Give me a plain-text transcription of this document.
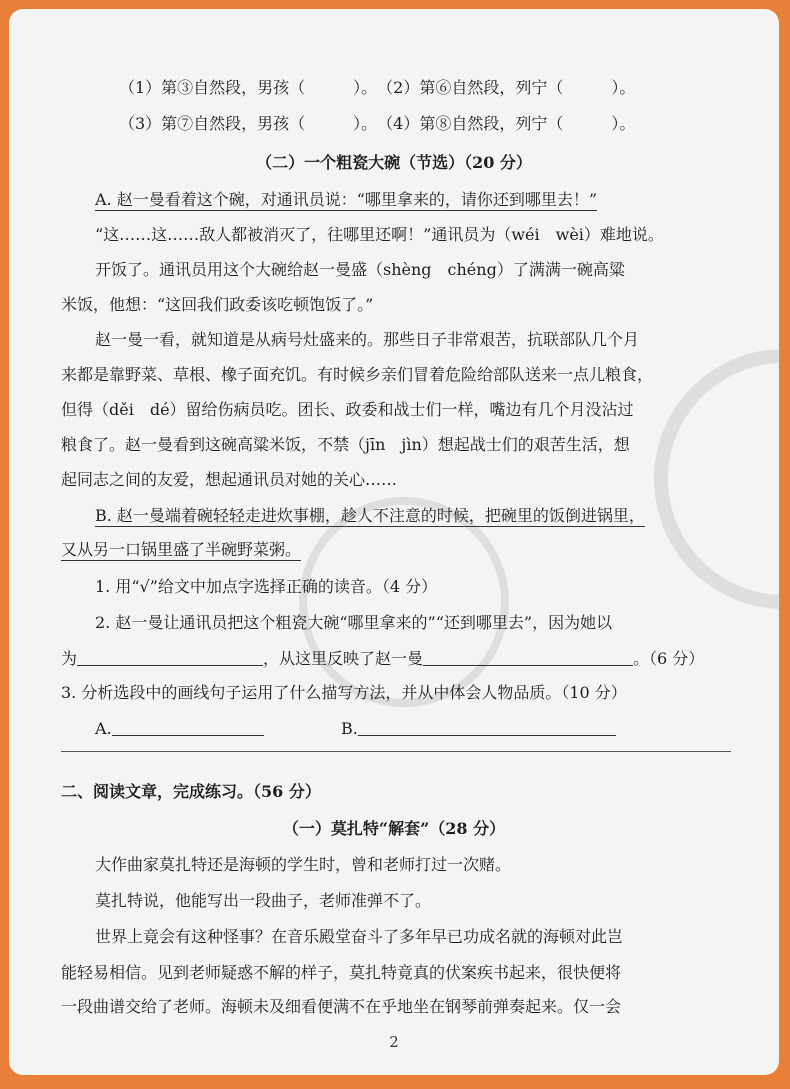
（1）第③自然段，男孩（　　　）。　（2）第⑥自然段，列宁（　　　）。
（3）第⑦自然段，男孩（　　　）。　（4）第⑧自然段，列宁（　　　）。
（二）一个粗瓷大碗（节选）（20 分）
A. 赵一曼看着这个碗，对通讯员说：“哪里拿来的，请你还到哪里去！”
“这……这……敌人都被消灭了，往哪里还啊！”通讯员为（wéi　wèi）难地说。
开饭了。通讯员用这个大碗给赵一曼盛（shèng　chéng）了满满一碗高粱
米饭，他想：“这回我们政委该吃顿饱饭了。”
赵一曼一看，就知道是从病号灶盛来的。那些日子非常艰苦，抗联部队几个月
来都是靠野菜、草根、橡子面充饥。有时候乡亲们冒着危险给部队送来一点儿粮食，
但得（děi　dé）留给伤病员吃。团长、政委和战士们一样，嘴边有几个月没沾过
粮食了。赵一曼看到这碗高粱米饭，不禁（jīn　jìn）想起战士们的艰苦生活，想
起同志之间的友爱，想起通讯员对她的关心……
B. 赵一曼端着碗轻轻走进炊事棚，趁人不注意的时候，把碗里的饭倒进锅里，
又从另一口锅里盛了半碗野菜粥。
1. 用“√”给文中加点字选择正确的读音。（4 分）
2. 赵一曼让通讯员把这个粗瓷大碗“哪里拿来的”“还到哪里去”，因为她以
为	，从这里反映了赵一曼	。（6 分）
3. 分析选段中的画线句子运用了什么描写方法，并从中体会人物品质。（10 分）
A.	B.
二、阅读文章，完成练习。（56 分）
（一）莫扎特“解套”（28 分）
大作曲家莫扎特还是海顿的学生时，曾和老师打过一次赌。
莫扎特说，他能写出一段曲子，老师准弹不了。
世界上竟会有这种怪事？在音乐殿堂奋斗了多年早已功成名就的海顿对此岂
能轻易相信。见到老师疑惑不解的样子，莫扎特竟真的伏案疾书起来，很快便将
一段曲谱交给了老师。海顿未及细看便满不在乎地坐在钢琴前弹奏起来。仅一会
2
